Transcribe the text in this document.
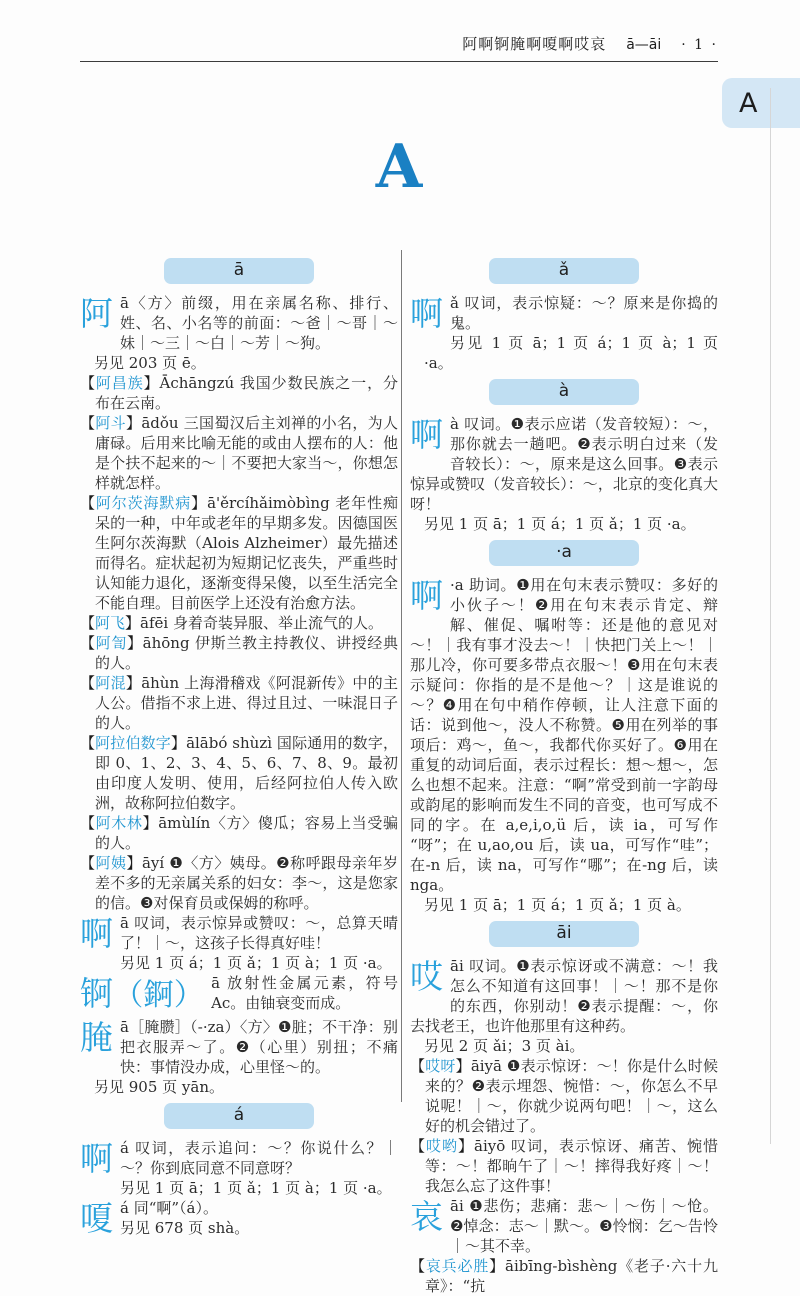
阿啊锕腌啊嗄啊哎哀 ā—āi · 1 ·
A
A
ā
阿ā〈方〉前缀，用在亲属名称、排行、姓、名、小名等的前面：～爸｜～哥｜～妹｜～三｜～白｜～芳｜～狗。
另见 203 页 ē。
【阿昌族】Āchāngzú 我国少数民族之一，分布在云南。
【阿斗】ādǒu 三国蜀汉后主刘禅的小名，为人庸碌。后用来比喻无能的或由人摆布的人：他是个扶不起来的～｜不要把大家当～，你想怎样就怎样。
【阿尔茨海默病】ā'ěrcíhǎimòbìng 老年性痴呆的一种，中年或老年的早期多发。因德国医生阿尔茨海默（Alois Alzheimer）最先描述而得名。症状起初为短期记忆丧失，严重些时认知能力退化，逐渐变得呆傻，以至生活完全不能自理。目前医学上还没有治愈方法。
【阿飞】āfēi 身着奇装异服、举止流气的人。
【阿訇】āhōng 伊斯兰教主持教仪、讲授经典的人。
【阿混】āhùn 上海滑稽戏《阿混新传》中的主人公。借指不求上进、得过且过、一味混日子的人。
【阿拉伯数字】ālābó shùzì 国际通用的数字，即 0、1、2、3、4、5、6、7、8、9。最初由印度人发明、使用，后经阿拉伯人传入欧洲，故称阿拉伯数字。
【阿木林】āmùlín〈方〉傻瓜；容易上当受骗的人。
【阿姨】āyí ❶〈方〉姨母。❷称呼跟母亲年岁差不多的无亲属关系的妇女：李～，这是您家的信。❸对保育员或保姆的称呼。
啊ā 叹词，表示惊异或赞叹：～，总算天晴了！｜～，这孩子长得真好哇！
另见 1 页 á；1 页 ǎ；1 页 à；1 页 ·a。
锕（錒） ā 放射性金属元素，符号 Ac。由铀衰变而成。
腌ā［腌臜］（-·za）〈方〉❶脏；不干净：别把衣服弄～了。❷（心里）别扭；不痛快：事情没办成，心里怪～的。
另见 905 页 yān。
á
啊á 叹词，表示追问：～？你说什么？｜～？你到底同意不同意呀？
另见 1 页 ā；1 页 ǎ；1 页 à；1 页 ·a。
嗄á 同“啊”（á）。
另见 678 页 shà。
ǎ
啊ǎ 叹词，表示惊疑：～？原来是你捣的鬼。
另见 1 页 ā；1 页 á；1 页 à；1 页 ·a。
à
啊à 叹词。❶表示应诺（发音较短）：～，那你就去一趟吧。❷表示明白过来（发音较长）：～，原来是这么回事。❸表示惊异或赞叹（发音较长）：～，北京的变化真大呀！
另见 1 页 ā；1 页 á；1 页 ǎ；1 页 ·a。
·a
啊 ·a 助词。❶用在句末表示赞叹：多好的小伙子～！❷用在句末表示肯定、辩解、催促、嘱咐等：还是他的意见对～！｜我有事才没去～！｜快把门关上～！｜那儿冷，你可要多带点衣服～！❸用在句末表示疑问：你指的是不是他～？｜这是谁说的～？❹用在句中稍作停顿，让人注意下面的话：说到他～，没人不称赞。❺用在列举的事项后：鸡～，鱼～，我都代你买好了。❻用在重复的动词后面，表示过程长：想～想～，怎么也想不起来。注意：“啊”常受到前一字韵母或韵尾的影响而发生不同的音变，也可写成不同的字。在 a,e,i,o,ü 后，读 ia，可写作“呀”；在 u,ao,ou 后，读 ua，可写作“哇”；在-n 后，读 na，可写作“哪”；在-ng 后，读 nga。
另见 1 页 ā；1 页 á；1 页 ǎ；1 页 à。
āi
哎āi 叹词。❶表示惊讶或不满意：～！我怎么不知道有这回事！｜～！那不是你的东西，你别动！❷表示提醒：～，你去找老王，也许他那里有这种药。
另见 2 页 ǎi；3 页 ài。
【哎呀】āiyā ❶表示惊讶：～！你是什么时候来的？❷表示埋怨、惋惜：～，你怎么不早说呢！｜～，你就少说两句吧！｜～，这么好的机会错过了。
【哎哟】āiyō 叹词，表示惊讶、痛苦、惋惜等：～！都晌午了｜～！摔得我好疼｜～！我怎么忘了这件事！
哀āi ❶悲伤；悲痛：悲～｜～伤｜～怆。❷悼念：志～｜默～。❸怜悯：乞～告怜｜～其不幸。
【哀兵必胜】āibīng-bìshèng《老子·六十九章》：“抗
